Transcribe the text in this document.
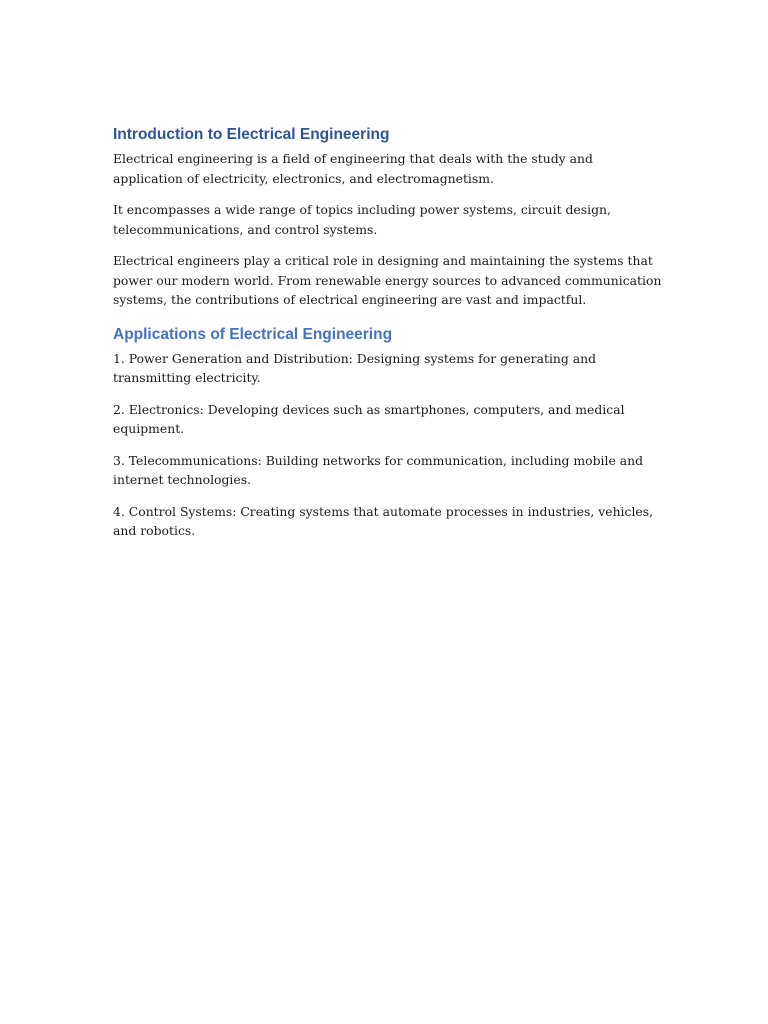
Introduction to Electrical Engineering

Electrical engineering is a field of engineering that deals with the study and application of electricity, electronics, and electromagnetism.

It encompasses a wide range of topics including power systems, circuit design, telecommunications, and control systems.

Electrical engineers play a critical role in designing and maintaining the systems that power our modern world. From renewable energy sources to advanced communication systems, the contributions of electrical engineering are vast and impactful.

Applications of Electrical Engineering

1. Power Generation and Distribution: Designing systems for generating and transmitting electricity.

2. Electronics: Developing devices such as smartphones, computers, and medical equipment.

3. Telecommunications: Building networks for communication, including mobile and internet technologies.

4. Control Systems: Creating systems that automate processes in industries, vehicles, and robotics.
